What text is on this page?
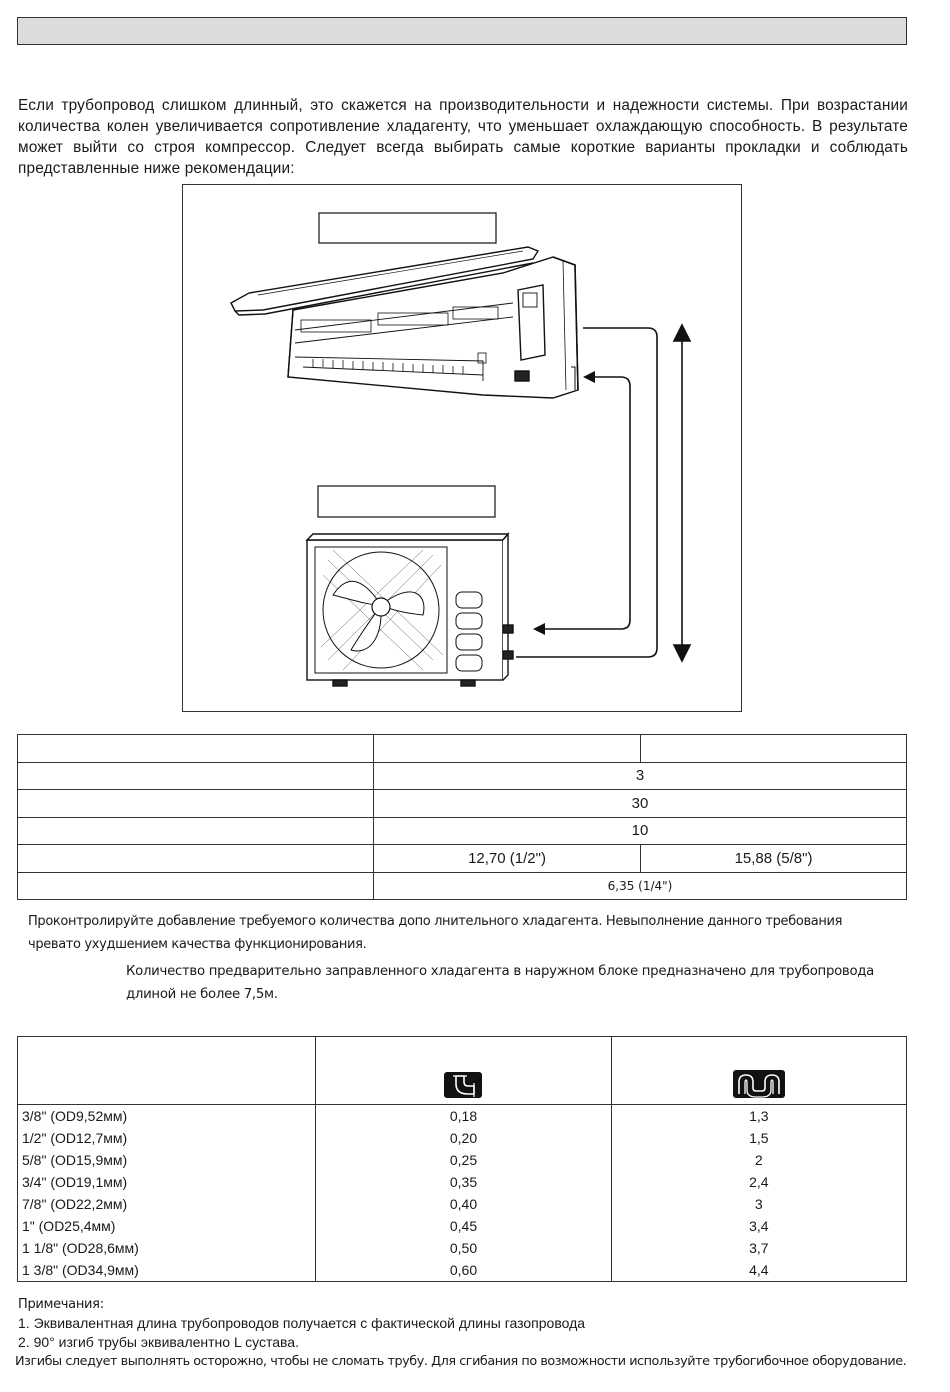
Если трубопровод слишком длинный, это скажется на производительности и надежности системы. При возрастании количества колен увеличивается сопротивление хладагенту, что уменьшает охлаждающую способность. В результате может выйти со строя компрессор. Следует всегда выбирать самые короткие варианты прокладки и соблюдать представленные ниже рекомендации:

	3	
	30	
	10	
	12,70 (1/2")	15,88 (5/8")
	6,35 (1/4")	
Проконтролируйте добавление требуемого количества допо лнительного хладагента. Невыполнение данного требования чревато ухудшением качества функционирования.
Количество предварительно заправленного хладагента в наружном блоке предназначено для трубопровода длиной не более 7,5м.

3/8" (OD9,52мм)	0,18	1,3
1/2" (OD12,7мм)	0,20	1,5
5/8" (OD15,9мм)	0,25	2
3/4" (OD19,1мм)	0,35	2,4
7/8" (OD22,2мм)	0,40	3
1" (OD25,4мм)	0,45	3,4
1 1/8" (OD28,6мм)	0,50	3,7
1 3/8" (OD34,9мм)	0,60	4,4
Примечания:
1. Эквивалентная длина трубопроводов получается с фактической длины газопровода
2. 90° изгиб трубы эквивалентно L сустава.
Изгибы следует выполнять осторожно, чтобы не сломать трубу. Для сгибания по возможности используйте трубогибочное оборудование.
